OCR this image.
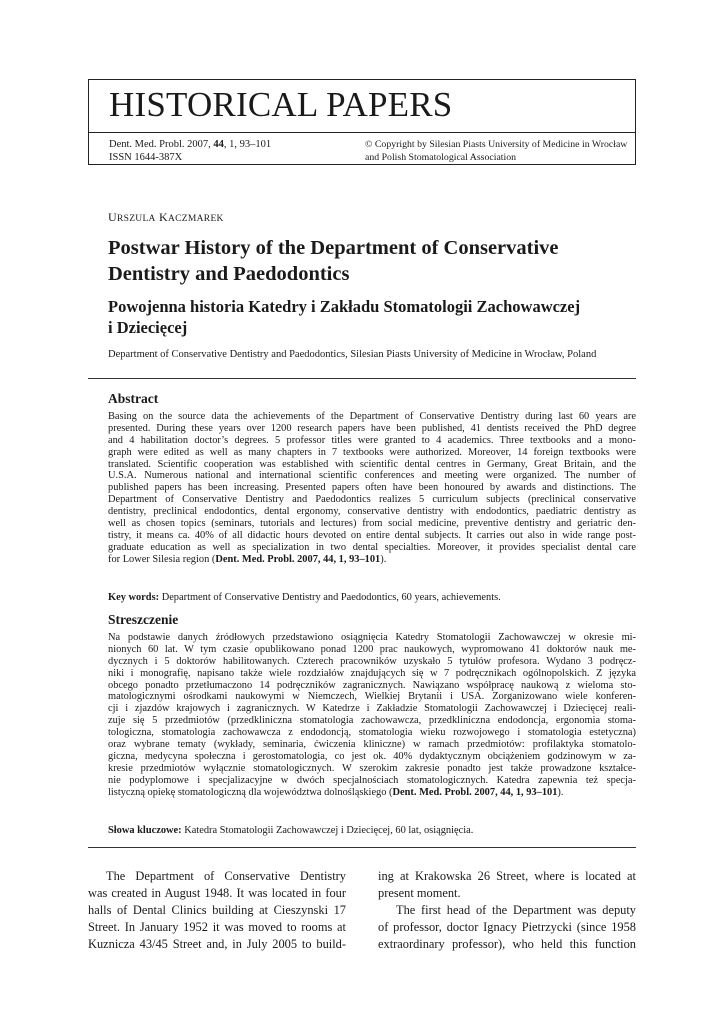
HISTORICAL PAPERS
Dent. Med. Probl. 2007, 44, 1, 93–101
ISSN 1644-387X
© Copyright by Silesian Piasts University of Medicine in Wrocław
and Polish Stomatological Association
URSZULA KACZMAREK
Postwar History of the Department of Conservative
Dentistry and Paedodontics
Powojenna historia Katedry i Zakładu Stomatologii Zachowawczej
i Dziecięcej
Department of Conservative Dentistry and Paedodontics, Silesian Piasts University of Medicine in Wrocław, Poland
Abstract
Basing on the source data the achievements of the Department of Conservative Dentistry during last 60 years are
presented. During these years over 1200 research papers have been published, 41 dentists received the PhD degree
and 4 habilitation doctor’s degrees. 5 professor titles were granted to 4 academics. Three textbooks and a mono-
graph were edited as well as many chapters in 7 textbooks were authorized. Moreover, 14 foreign textbooks were
translated. Scientific cooperation was established with scientific dental centres in Germany, Great Britain, and the
U.S.A. Numerous national and international scientific conferences and meeting were organized. The number of
published papers has been increasing. Presented papers often have been honoured by awards and distinctions. The
Department of Conservative Dentistry and Paedodontics realizes 5 curriculum subjects (preclinical conservative
dentistry, preclinical endodontics, dental ergonomy, conservative dentistry with endodontics, paediatric dentistry as
well as chosen topics (seminars, tutorials and lectures) from social medicine, preventive dentistry and geriatric den-
tistry, it means ca. 40% of all didactic hours devoted on entire dental subjects. It carries out also in wide range post-
graduate education as well as specialization in two dental specialties. Moreover, it provides specialist dental care
for Lower Silesia region (Dent. Med. Probl. 2007, 44, 1, 93–101).
Key words: Department of Conservative Dentistry and Paedodontics, 60 years, achievements.
Streszczenie
Na podstawie danych źródłowych przedstawiono osiągnięcia Katedry Stomatologii Zachowawczej w okresie mi-
nionych 60 lat. W tym czasie opublikowano ponad 1200 prac naukowych, wypromowano 41 doktorów nauk me-
dycznych i 5 doktorów habilitowanych. Czterech pracowników uzyskało 5 tytułów profesora. Wydano 3 podręcz-
niki i monografię, napisano także wiele rozdziałów znajdujących się w 7 podręcznikach ogólnopolskich. Z języka
obcego ponadto przetłumaczono 14 podręczników zagranicznych. Nawiązano współpracę naukową z wieloma sto-
matologicznymi ośrodkami naukowymi w Niemczech, Wielkiej Brytanii i USA. Zorganizowano wiele konferen-
cji i zjazdów krajowych i zagranicznych. W Katedrze i Zakładzie Stomatologii Zachowawczej i Dziecięcej reali-
zuje się 5 przedmiotów (przedkliniczna stomatologia zachowawcza, przedkliniczna endodoncja, ergonomia stoma-
tologiczna, stomatologia zachowawcza z endodoncją, stomatologia wieku rozwojowego i stomatologia estetyczna)
oraz wybrane tematy (wykłady, seminaria, ćwiczenia kliniczne) w ramach przedmiotów: profilaktyka stomatolo-
giczna, medycyna społeczna i gerostomatologia, co jest ok. 40% dydaktycznym obciążeniem godzinowym w za-
kresie przedmiotów wyłącznie stomatologicznych. W szerokim zakresie ponadto jest także prowadzone kształce-
nie podyplomowe i specjalizacyjne w dwóch specjalnościach stomatologicznych. Katedra zapewnia też specja-
listyczną opiekę stomatologiczną dla województwa dolnośląskiego (Dent. Med. Probl. 2007, 44, 1, 93–101).
Słowa kluczowe: Katedra Stomatologii Zachowawczej i Dziecięcej, 60 lat, osiągnięcia.
The Department of Conservative Dentistry
was created in August 1948. It was located in four
halls of Dental Clinics building at Cieszynski 17
Street. In January 1952 it was moved to rooms at
Kuznicza 43/45 Street and, in July 2005 to build-
ing at Krakowska 26 Street, where is located at
present moment.
The first head of the Department was deputy
of professor, doctor Ignacy Pietrzycki (since 1958
extraordinary professor), who held this function
